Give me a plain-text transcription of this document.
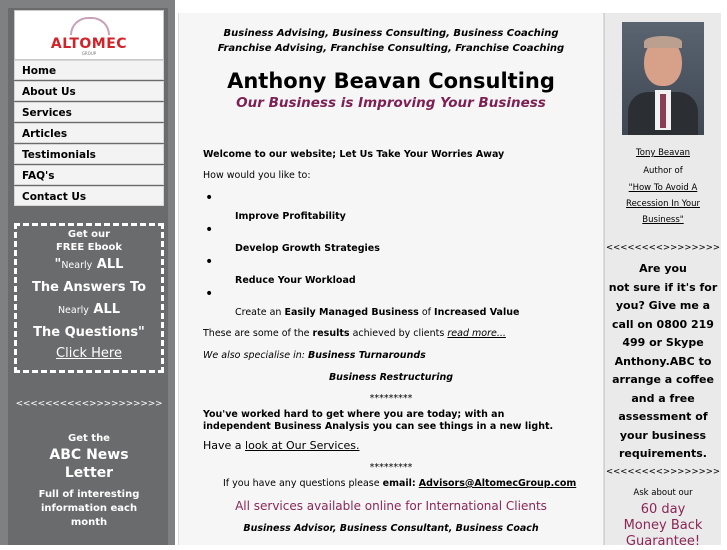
ALTOMEC
GROUP
Home
About Us
Services
Articles
Testimonials
FAQ's
Contact Us
Get our
FREE Ebook
"Nearly ALL
The Answers To
Nearly ALL
The Questions"
Click Here
<<<<<<<<<<>>>>>>>>>>
Get the
ABC News
Letter
Full of interesting
information each
month
Business Advising, Business Consulting, Business Coaching
Franchise Advising, Franchise Consulting, Franchise Coaching
Anthony Beavan Consulting
Our Business is Improving Your Business
Welcome to our website; Let Us Take Your Worries Away
How would you like to:
•
Improve Profitability
•
Develop Growth Strategies
•
Reduce Your Workload
•
Create an Easily Managed Business of Increased Value
These are some of the results achieved by clients read more...
We also specialise in: Business Turnarounds
Business Restructuring
*********
You've worked hard to get where you are today; with an independent Business Analysis you can see things in a new light.
Have a look at Our Services.
*********
If you have any questions please email: Advisors@AltomecGroup.com
All services available online for International Clients
Business Advisor, Business Consultant, Business Coach
Tony Beavan
Author of
"How To Avoid A
Recession In Your
Business"
<<<<<<<<>>>>>>>>
Are you
not sure if it's for
you? Give me a
call on 0800 219
499 or Skype
Anthony.ABC to
arrange a coffee
and a free
assessment of
your business
requirements.
<<<<<<<<>>>>>>>>
Ask about our
60 day
Money Back
Guarantee!
